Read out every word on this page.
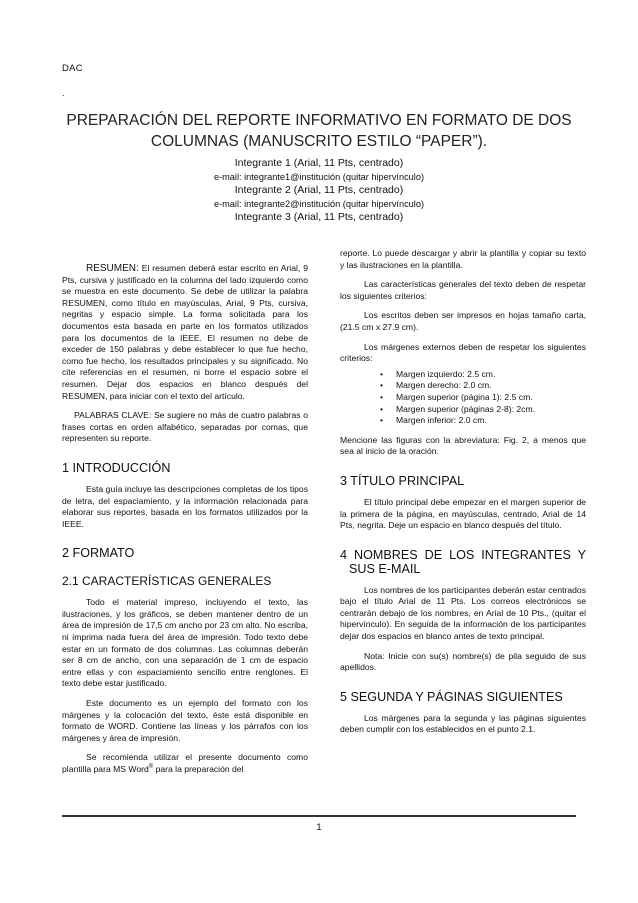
DAC
.
PREPARACIÓN DEL REPORTE INFORMATIVO EN FORMATO DE DOS COLUMNAS (MANUSCRITO ESTILO “PAPER”).
Integrante 1 (Arial, 11 Pts, centrado)
e-mail: integrante1@institución (quitar hipervínculo)
Integrante 2 (Arial, 11 Pts, centrado)
e-mail: integrante2@institución (quitar hipervínculo)
Integrante 3 (Arial, 11 Pts, centrado)

RESUMEN: El resumen deberá estar escrito en Arial, 9 Pts, cursiva y justificado en la columna del lado izquierdo como se muestra en este documento. Se debe de utilizar la palabra RESUMEN, como título en mayúsculas, Arial, 9 Pts, cursiva, negritas y espacio simple. La forma solicitada para los documentos esta basada en parte en los formatos utilizados para los documentos de la IEEE. El resumen no debe de exceder de 150 palabras y debe establecer lo que fue hecho, como fue hecho, los resultados principales y su significado. No cite referencias en el resumen, ni borre el espacio sobre el resumen. Dejar dos espacios en blanco después del RESUMEN, para iniciar con el texto del artículo.

PALABRAS CLAVE: Se sugiere no más de cuatro palabras o frases cortas en orden alfabético, separadas por comas, que representen su reporte.

1 INTRODUCCIÓN

Esta guía incluye las descripciones completas de los tipos de letra, del espaciamiento, y la información relacionada para elaborar sus reportes, basada en los formatos utilizados por la IEEE.

2 FORMATO
2.1 CARACTERÍSTICAS GENERALES

Todo el material impreso, incluyendo el texto, las ilustraciones, y los gráficos, se deben mantener dentro de un área de impresión de 17,5 cm ancho por 23 cm alto. No escriba, ni imprima nada fuera del área de impresión. Todo texto debe estar en un formato de dos columnas. Las columnas deberán ser 8 cm de ancho, con una separación de 1 cm de espacio entre ellas y con espaciamiento sencillo entre renglones. El texto debe estar justificado.

Este documento es un ejemplo del formato con los márgenes y la colocación del texto, éste está disponible en formato de WORD. Contiene las líneas y los párrafos con los márgenes y área de impresión.

Se recomienda utilizar el presente documento como plantilla para MS Word® para la preparación del

reporte. Lo puede descargar y abrir la plantilla y copiar su texto y las ilustraciones en la plantilla.

Las características generales del texto deben de respetar los siguientes criterios:

Los escritos deben ser impresos en hojas tamaño carta, (21.5 cm x 27.9 cm).

Los márgenes externos deben de respetar los siguientes criterios:

• Margen izquierdo: 2.5 cm.
• Margen derecho: 2.0 cm.
• Margen superior (página 1): 2.5 cm.
• Margen superior (páginas 2-8): 2cm.
• Margen inferior: 2.0 cm.

Mencione las figuras con la abreviatura: Fig. 2, a menos que sea al inicio de la oración.

3 TÍTULO PRINCIPAL

El título principal debe empezar en el margen superior de la primera de la página, en mayúsculas, centrado, Arial de 14 Pts, negrita. Deje un espacio en blanco después del título.

4 NOMBRES DE LOS INTEGRANTES Y SUS E-MAIL

Los nombres de los participantes deberán estar centrados bajo el título Arial de 11 Pts. Los correos electrónicos se centrarán debajo de los nombres, en Arial de 10 Pts., (quitar el hipervínculo). En seguida de la información de los participantes dejar dos espacios en blanco antes de texto principal.

Nota: Inicie con su(s) nombre(s) de pila seguido de sus apellidos.

5 SEGUNDA Y PÁGINAS SIGUIENTES

Los márgenes para la segunda y las páginas siguientes deben cumplir con los establecidos en el punto 2.1.

1
